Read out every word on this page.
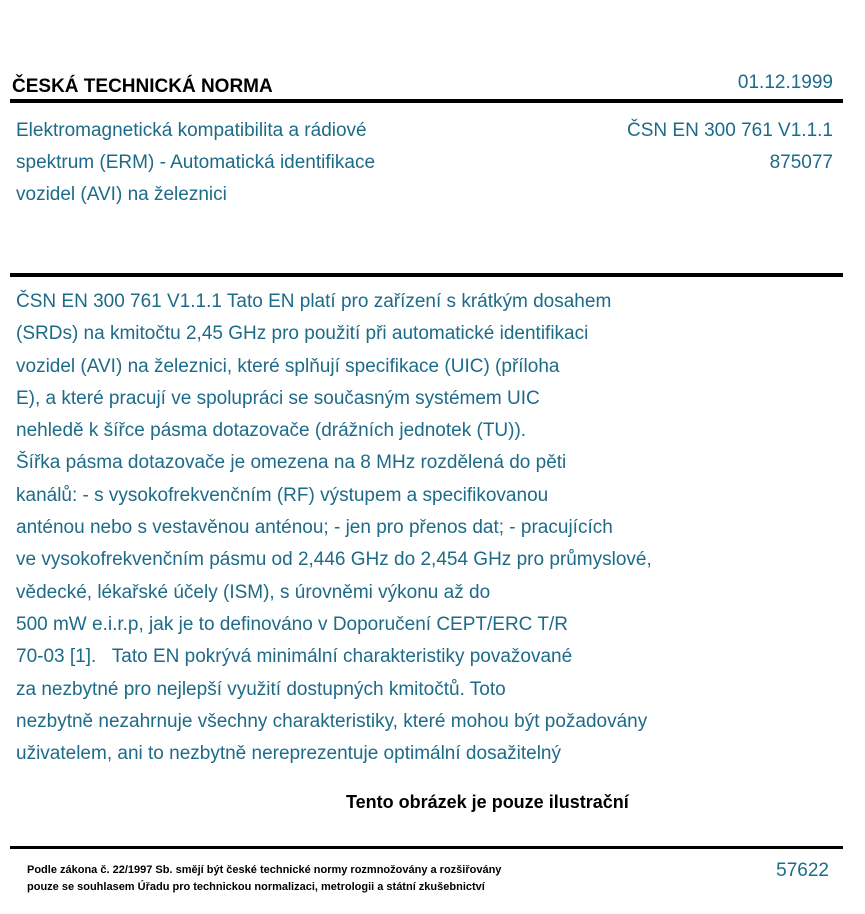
ČESKÁ TECHNICKÁ NORMA	01.12.1999
Elektromagnetická kompatibilita a rádiové
spektrum (ERM) - Automatická identifikace
vozidel (AVI) na železnici
ČSN EN 300 761 V1.1.1
875077
ČSN EN 300 761 V1.1.1 Tato EN platí pro zařízení s krátkým dosahem
(SRDs) na kmitočtu 2,45 GHz pro použití při automatické identifikaci
vozidel (AVI) na železnici, které splňují specifikace (UIC) (příloha
E), a které pracují ve spolupráci se současným systémem UIC
nehledě k šířce pásma dotazovače (drážních jednotek (TU)).
Šířka pásma dotazovače je omezena na 8 MHz rozdělená do pěti
kanálů: - s vysokofrekvenčním (RF) výstupem a specifikovanou
anténou nebo s vestavěnou anténou; - jen pro přenos dat; - pracujících
ve vysokofrekvenčním pásmu od 2,446 GHz do 2,454 GHz pro průmyslové,
vědecké, lékařské účely (ISM), s úrovněmi výkonu až do
500 mW e.i.r.p, jak je to definováno v Doporučení CEPT/ERC T/R
70-03 [1].   Tato EN pokrývá minimální charakteristiky považované
za nezbytné pro nejlepší využití dostupných kmitočtů. Toto
nezbytně nezahrnuje všechny charakteristiky, které mohou být požadovány
uživatelem, ani to nezbytně nereprezentuje optimální dosažitelný
Tento obrázek je pouze ilustrační
Podle zákona č. 22/1997 Sb. smějí být české technické normy rozmnožovány a rozšiřovány
pouze se souhlasem Úřadu pro technickou normalizaci, metrologii a státní zkušebnictví
57622
